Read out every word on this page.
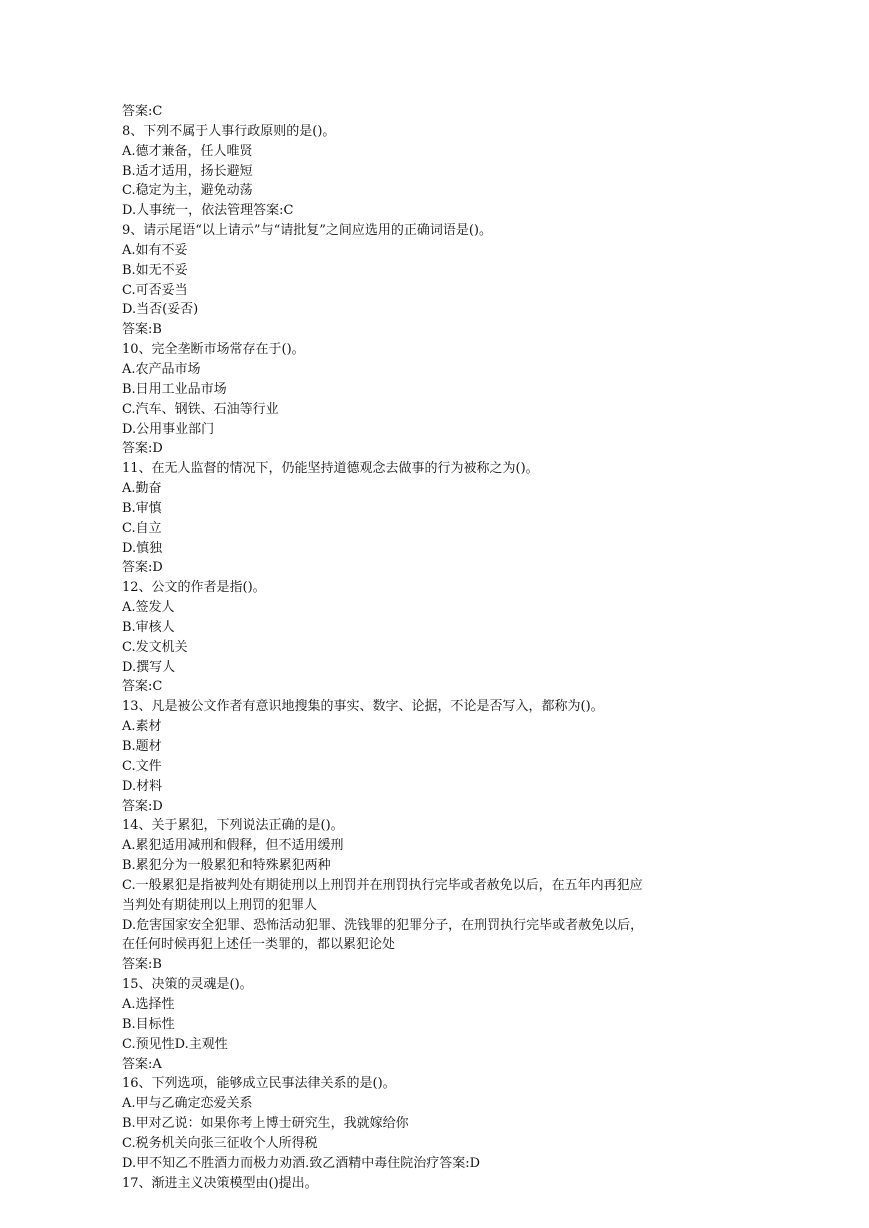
答案:C
8、下列不属于人事行政原则的是()。
A.德才兼备，任人唯贤
B.适才适用，扬长避短
C.稳定为主，避免动荡
D.人事统一，依法管理答案:C
9、请示尾语“以上请示”与“请批复”之间应选用的正确词语是()。
A.如有不妥
B.如无不妥
C.可否妥当
D.当否(妥否)
答案:B
10、完全垄断市场常存在于()。
A.农产品市场
B.日用工业品市场
C.汽车、钢铁、石油等行业
D.公用事业部门
答案:D
11、在无人监督的情况下，仍能坚持道德观念去做事的行为被称之为()。
A.勤奋
B.审慎
C.自立
D.慎独
答案:D
12、公文的作者是指()。
A.签发人
B.审核人
C.发文机关
D.撰写人
答案:C
13、凡是被公文作者有意识地搜集的事实、数字、论据，不论是否写入，都称为()。
A.素材
B.题材
C.文件
D.材料
答案:D
14、关于累犯，下列说法正确的是()。
A.累犯适用减刑和假释，但不适用缓刑
B.累犯分为一般累犯和特殊累犯两种
C.一般累犯是指被判处有期徒刑以上刑罚并在刑罚执行完毕或者赦免以后，在五年内再犯应
当判处有期徒刑以上刑罚的犯罪人
D.危害国家安全犯罪、恐怖活动犯罪、洗钱罪的犯罪分子，在刑罚执行完毕或者赦免以后，
在任何时候再犯上述任一类罪的，都以累犯论处
答案:B
15、决策的灵魂是()。
A.选择性
B.目标性
C.预见性D.主观性
答案:A
16、下列选项，能够成立民事法律关系的是()。
A.甲与乙确定恋爱关系
B.甲对乙说：如果你考上博士研究生，我就嫁给你
C.税务机关向张三征收个人所得税
D.甲不知乙不胜酒力而极力劝酒.致乙酒精中毒住院治疗答案:D
17、渐进主义决策模型由()提出。
